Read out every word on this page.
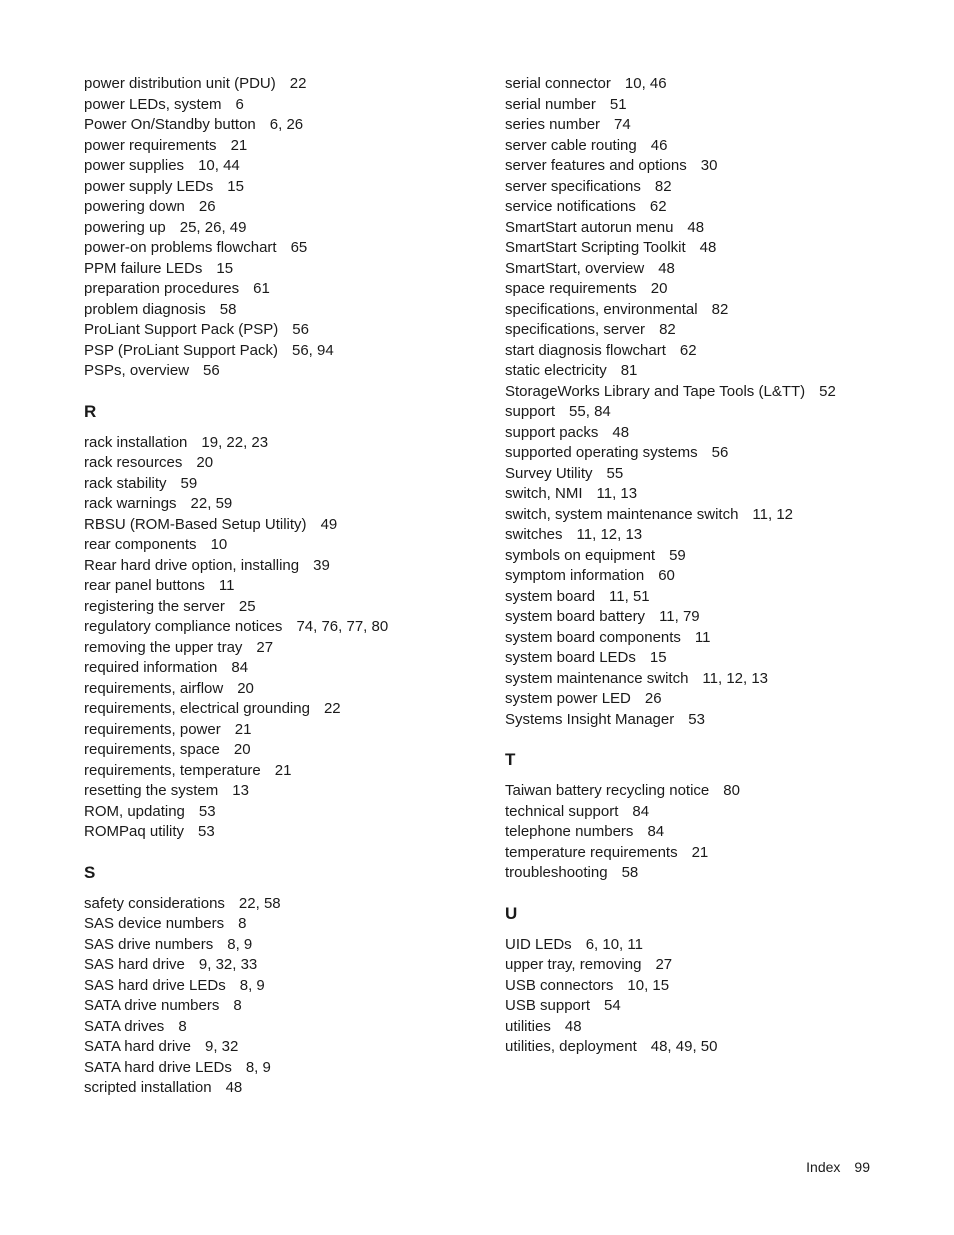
power distribution unit (PDU) 22
power LEDs, system 6
Power On/Standby button 6, 26
power requirements 21
power supplies 10, 44
power supply LEDs 15
powering down 26
powering up 25, 26, 49
power-on problems flowchart 65
PPM failure LEDs 15
preparation procedures 61
problem diagnosis 58
ProLiant Support Pack (PSP) 56
PSP (ProLiant Support Pack) 56, 94
PSPs, overview 56
R
rack installation 19, 22, 23
rack resources 20
rack stability 59
rack warnings 22, 59
RBSU (ROM-Based Setup Utility) 49
rear components 10
Rear hard drive option, installing 39
rear panel buttons 11
registering the server 25
regulatory compliance notices 74, 76, 77, 80
removing the upper tray 27
required information 84
requirements, airflow 20
requirements, electrical grounding 22
requirements, power 21
requirements, space 20
requirements, temperature 21
resetting the system 13
ROM, updating 53
ROMPaq utility 53
S
safety considerations 22, 58
SAS device numbers 8
SAS drive numbers 8, 9
SAS hard drive 9, 32, 33
SAS hard drive LEDs 8, 9
SATA drive numbers 8
SATA drives 8
SATA hard drive 9, 32
SATA hard drive LEDs 8, 9
scripted installation 48
serial connector 10, 46
serial number 51
series number 74
server cable routing 46
server features and options 30
server specifications 82
service notifications 62
SmartStart autorun menu 48
SmartStart Scripting Toolkit 48
SmartStart, overview 48
space requirements 20
specifications, environmental 82
specifications, server 82
start diagnosis flowchart 62
static electricity 81
StorageWorks Library and Tape Tools (L&TT) 52
support 55, 84
support packs 48
supported operating systems 56
Survey Utility 55
switch, NMI 11, 13
switch, system maintenance switch 11, 12
switches 11, 12, 13
symbols on equipment 59
symptom information 60
system board 11, 51
system board battery 11, 79
system board components 11
system board LEDs 15
system maintenance switch 11, 12, 13
system power LED 26
Systems Insight Manager 53
T
Taiwan battery recycling notice 80
technical support 84
telephone numbers 84
temperature requirements 21
troubleshooting 58
U
UID LEDs 6, 10, 11
upper tray, removing 27
USB connectors 10, 15
USB support 54
utilities 48
utilities, deployment 48, 49, 50
Index 99
